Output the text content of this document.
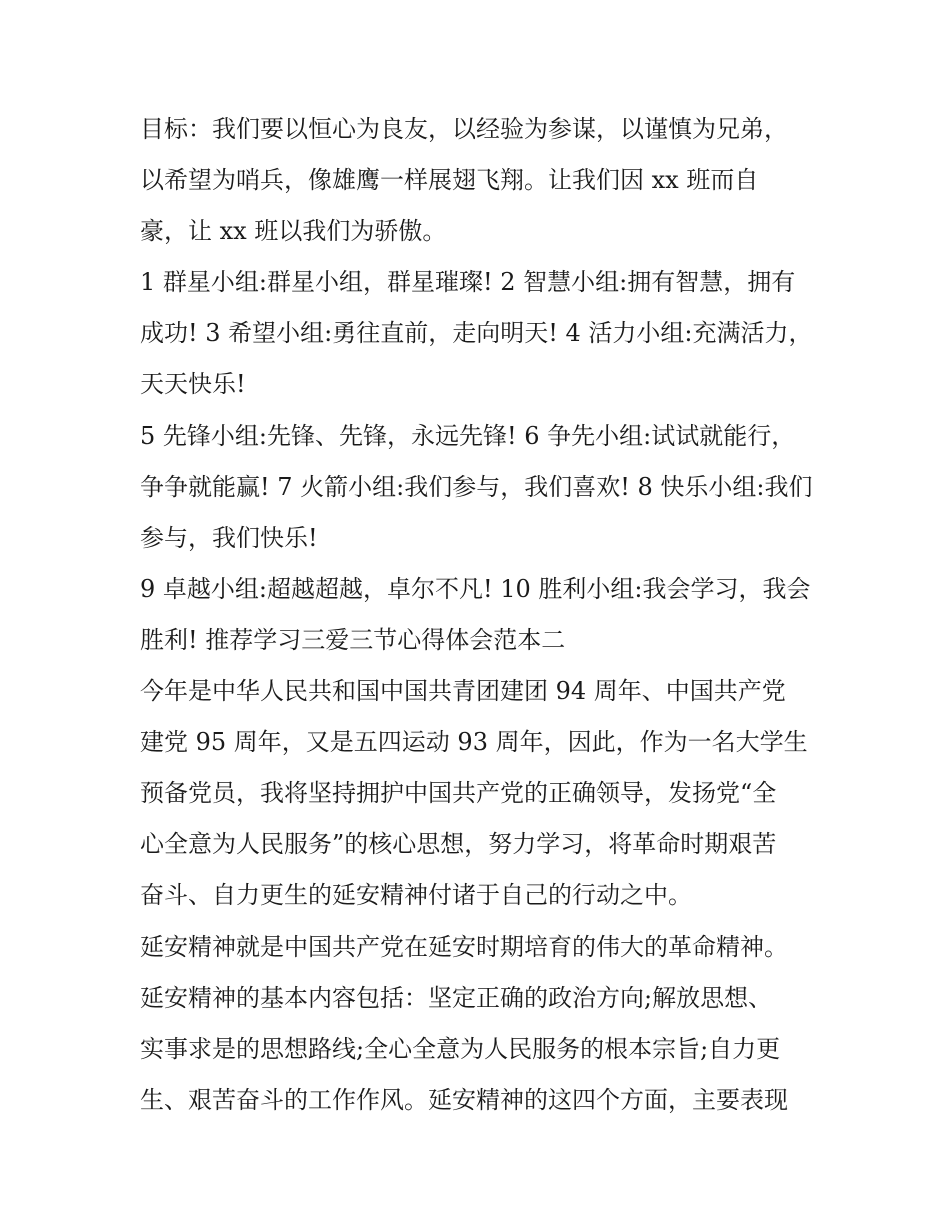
目标：我们要以恒心为良友，以经验为参谋，以谨慎为兄弟，
以希望为哨兵，像雄鹰一样展翅飞翔。让我们因 xx 班而自
豪，让 xx 班以我们为骄傲。
1 群星小组:群星小组，群星璀璨! 2 智慧小组:拥有智慧，拥有
成功! 3 希望小组:勇往直前，走向明天! 4 活力小组:充满活力，
天天快乐!
5 先锋小组:先锋、先锋，永远先锋! 6 争先小组:试试就能行，
争争就能赢! 7 火箭小组:我们参与，我们喜欢! 8 快乐小组:我们
参与，我们快乐!
9 卓越小组:超越超越，卓尔不凡! 10 胜利小组:我会学习，我会
胜利! 推荐学习三爱三节心得体会范本二
今年是中华人民共和国中国共青团建团 94 周年、中国共产党
建党 95 周年，又是五四运动 93 周年，因此，作为一名大学生
预备党员，我将坚持拥护中国共产党的正确领导，发扬党“全
心全意为人民服务”的核心思想，努力学习，将革命时期艰苦
奋斗、自力更生的延安精神付诸于自己的行动之中。
延安精神就是中国共产党在延安时期培育的伟大的革命精神。
延安精神的基本内容包括：坚定正确的政治方向;解放思想、
实事求是的思想路线;全心全意为人民服务的根本宗旨;自力更
生、艰苦奋斗的工作作风。延安精神的这四个方面，主要表现
